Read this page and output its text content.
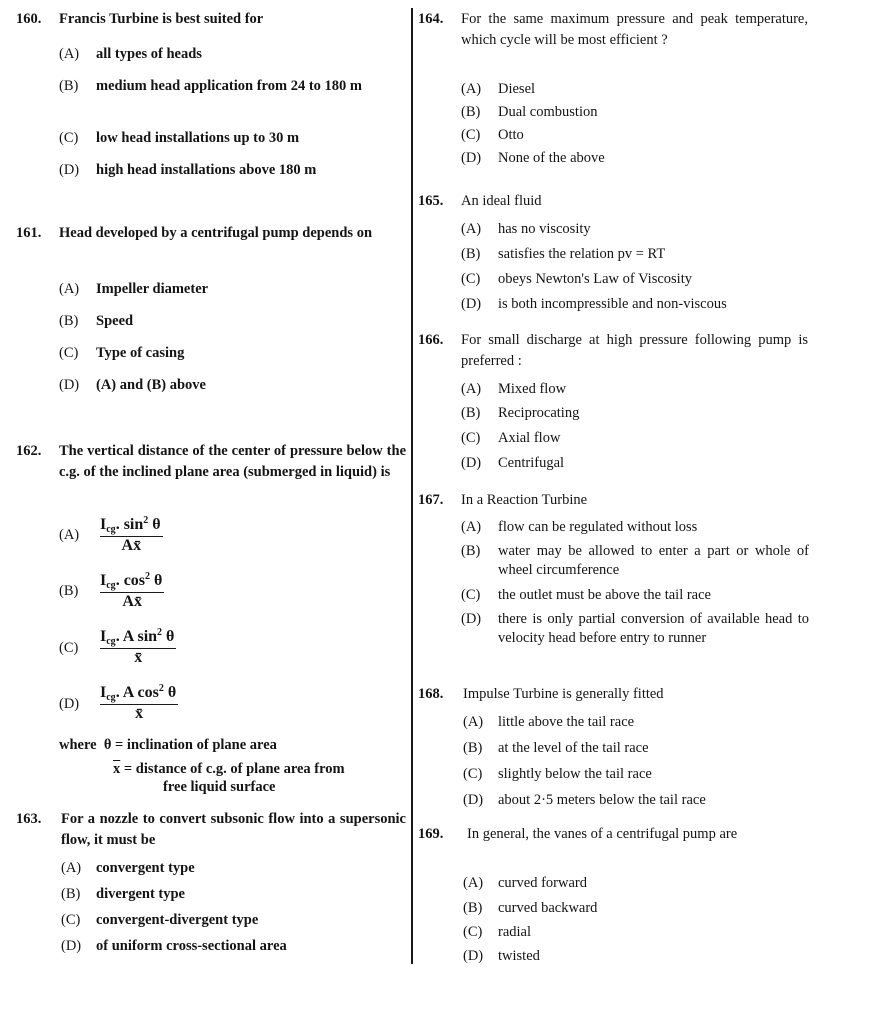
160. Francis Turbine is best suited for
(A) all types of heads
(B) medium head application from 24 to 180 m
(C) low head installations up to 30 m
(D) high head installations above 180 m
161. Head developed by a centrifugal pump depends on
(A) Impeller diameter
(B) Speed
(C) Type of casing
(D) (A) and (B) above
162. The vertical distance of the center of pressure below the c.g. of the inclined plane area (submerged in liquid) is
(A)
$I_{cg}$. $\sin^2 \theta$
Ax̄
(B)
$I_{cg}$. $\cos^2 \theta$
Ax̄
(C)
$I_{cg}$. A $\sin^2 \theta$
x̄
(D)
$I_{cg}$. A $\cos^2 \theta$
x̄
where θ = inclination of plane area
$\overline{x}$ = distance of c.g. of plane area from
free liquid surface
163. For a nozzle to convert subsonic flow into a supersonic flow, it must be
(A) convergent type
(B) divergent type
(C) convergent-divergent type
(D) of uniform cross-sectional area
164. For the same maximum pressure and peak temperature, which cycle will be most efficient ?
(A) Diesel
(B) Dual combustion
(C) Otto
(D) None of the above
165. An ideal fluid
(A) has no viscosity
(B) satisfies the relation pv = RT
(C) obeys Newton's Law of Viscosity
(D) is both incompressible and non-viscous
166. For small discharge at high pressure following pump is preferred :
(A) Mixed flow
(B) Reciprocating
(C) Axial flow
(D) Centrifugal
167. In a Reaction Turbine
(A) flow can be regulated without loss
(B) water may be allowed to enter a part or whole of wheel circumference
(C) the outlet must be above the tail race
(D) there is only partial conversion of available head to velocity head before entry to runner
168. Impulse Turbine is generally fitted
(A) little above the tail race
(B) at the level of the tail race
(C) slightly below the tail race
(D) about 2·5 meters below the tail race
169. In general, the vanes of a centrifugal pump are
(A) curved forward
(B) curved backward
(C) radial
(D) twisted
